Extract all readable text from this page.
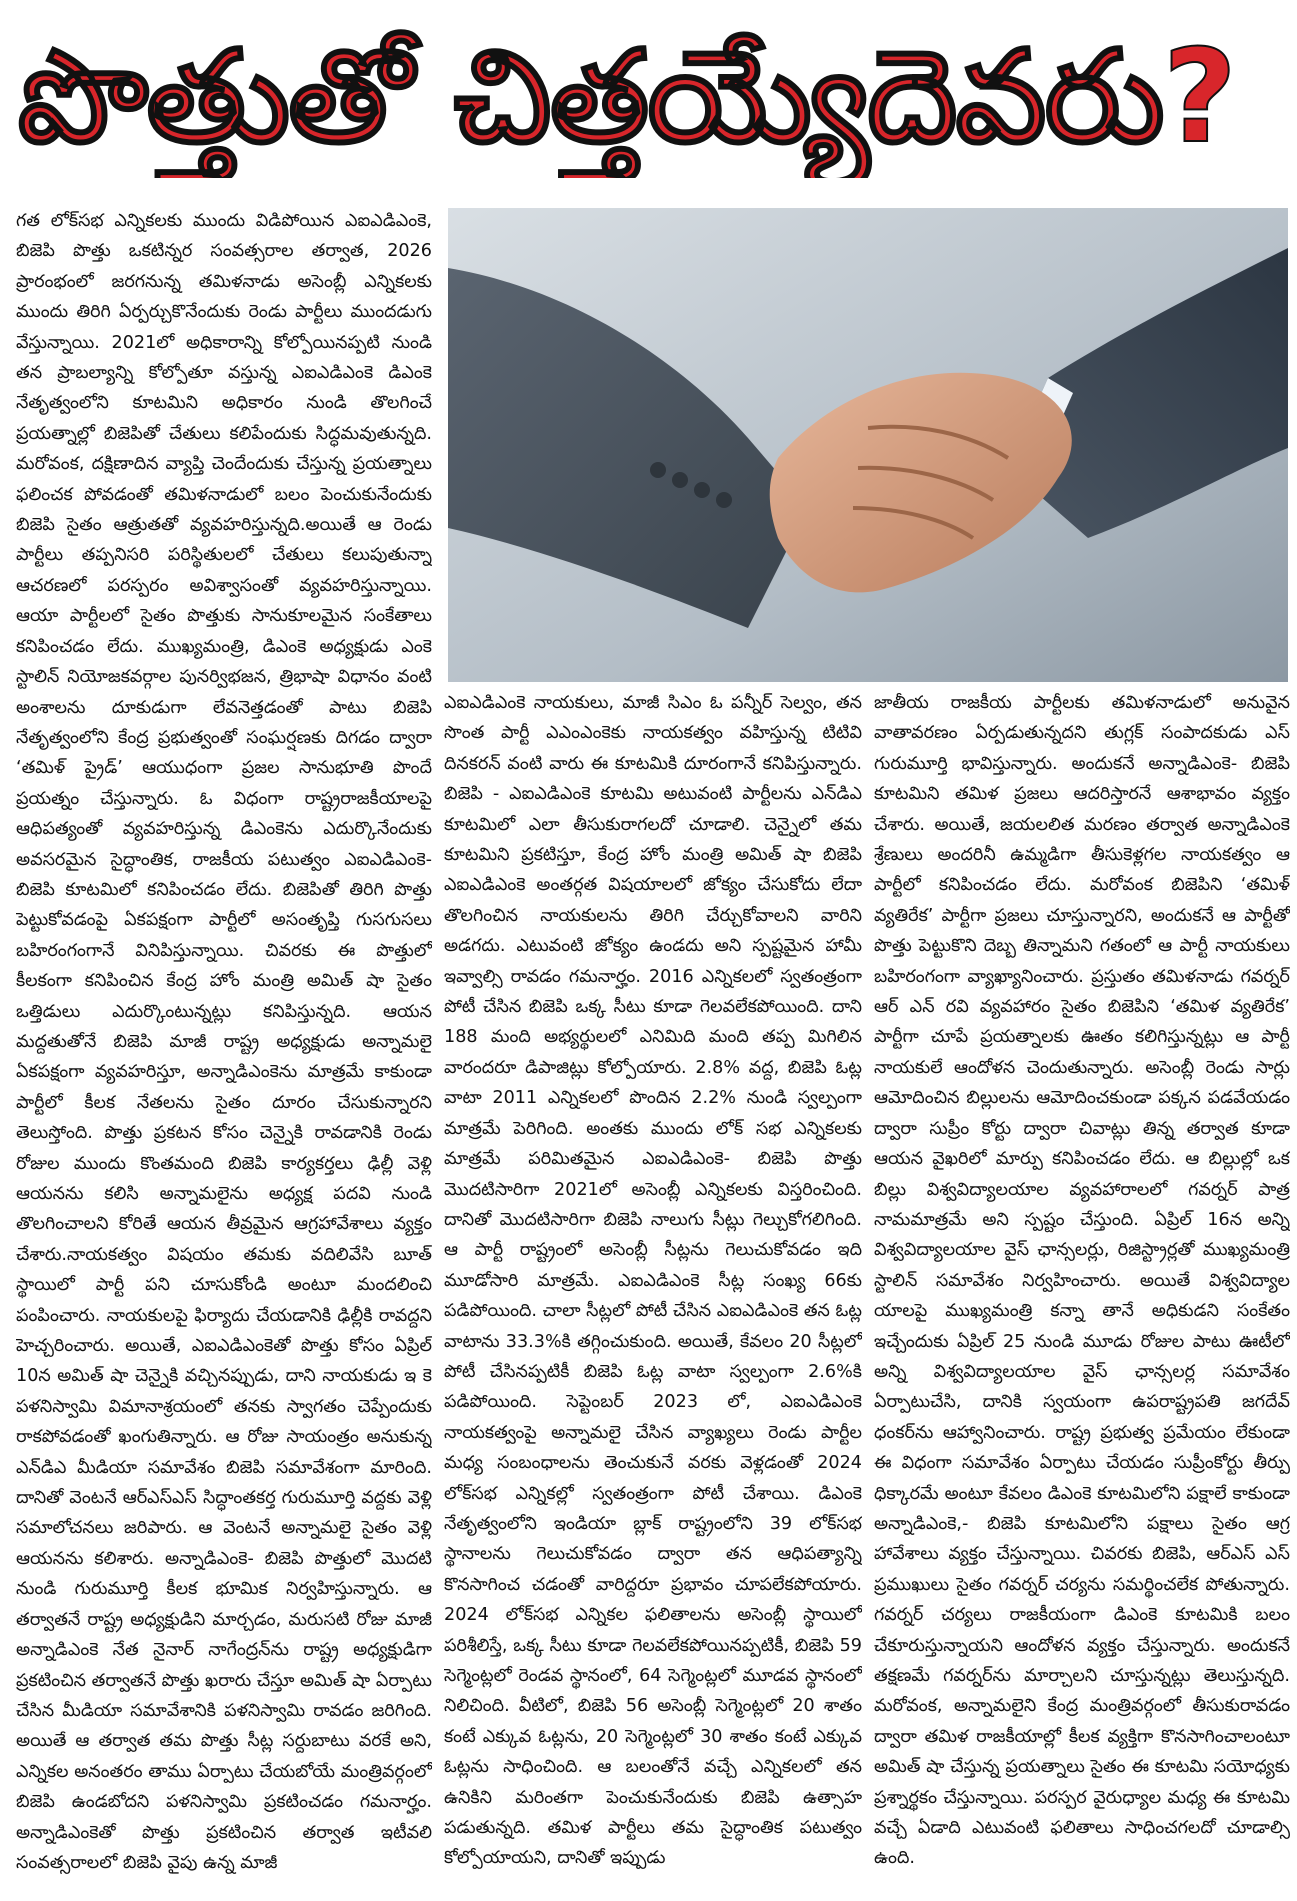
పొత్తుతో చిత్తయ్యేదెవరు?

గత లోక్‌సభ ఎన్నికలకు ముందు విడిపోయిన ఎఐఎడిఎంకె, బిజెపి పొత్తు ఒకటిన్నర సంవత్సరాల తర్వాత, 2026 ప్రారంభంలో జరగనున్న తమిళనాడు అసెంబ్లీ ఎన్నికలకు ముందు తిరిగి ఏర్పర్చుకొనేందుకు రెండు పార్టీలు ముందడుగు వేస్తున్నాయి. 2021లో అధికారాన్ని కోల్పోయినప్పటి నుండి తన ప్రాబల్యాన్ని కోల్పోతూ వస్తున్న ఎఐఎడిఎంకె డిఎంకె నేతృత్వంలోని కూటమిని అధికారం నుండి తొలగించే ప్రయత్నాల్లో బిజెపితో చేతులు కలిపేందుకు సిద్ధమవుతున్నది. మరోవంక, దక్షిణాదిన వ్యాప్తి చెందేందుకు చేస్తున్న ప్రయత్నాలు ఫలించక పోవడంతో తమిళనాడులో బలం పెంచుకునేందుకు బిజెపి సైతం ఆత్రుతతో వ్యవహరిస్తున్నది.అయితే ఆ రెండు పార్టీలు తప్పనిసరి పరిస్థితులలో చేతులు కలుపుతున్నా ఆచరణలో పరస్పరం అవిశ్వాసంతో వ్యవహరిస్తున్నాయి. ఆయా పార్టీలలో సైతం పొత్తుకు సానుకూలమైన సంకేతాలు కనిపించడం లేదు. ముఖ్యమంత్రి, డిఎంకె అధ్యక్షుడు ఎంకె స్టాలిన్ నియోజకవర్గాల పునర్విభజన, త్రిభాషా విధానం వంటి అంశాలను దూకుడుగా లేవనెత్తడంతో పాటు బిజెపి నేతృత్వంలోని కేంద్ర ప్రభుత్వంతో సంఘర్షణకు దిగడం ద్వారా ‘తమిళ్ ప్రైడ్’ ఆయుధంగా ప్రజల సానుభూతి పొందే ప్రయత్నం చేస్తున్నారు. ఓ విధంగా రాష్ట్రరాజకీయాలపై ఆధిపత్యంతో వ్యవహరిస్తున్న డిఎంకెను ఎదుర్కొనేందుకు అవసరమైన సైద్ధాంతిక, రాజకీయ పటుత్వం ఎఐఎడిఎంకె- బిజెపి కూటమిలో కనిపించడం లేదు. బిజెపితో తిరిగి పొత్తు పెట్టుకోవడంపై ఏకపక్షంగా పార్టీలో అసంతృప్తి గుసగుసలు బహిరంగంగానే వినిపిస్తున్నాయి. చివరకు ఈ పొత్తులో కీలకంగా కనిపించిన కేంద్ర హోం మంత్రి అమిత్ షా సైతం ఒత్తిడులు ఎదుర్కొంటున్నట్లు కనిపిస్తున్నది. ఆయన మద్దతుతోనే బిజెపి మాజీ రాష్ట్ర అధ్యక్షుడు అన్నామలై ఏకపక్షంగా వ్యవహరిస్తూ, అన్నాడిఎంకెను మాత్రమే కాకుండా పార్టీలో కీలక నేతలను సైతం దూరం చేసుకున్నారని తెలుస్తోంది. పొత్తు ప్రకటన కోసం చెన్నైకి రావడానికి రెండు రోజుల ముందు కొంతమంది బిజెపి కార్యకర్తలు ఢిల్లీ వెళ్లి ఆయనను కలిసి అన్నామలైను అధ్యక్ష పదవి నుండి తొలగించాలని కోరితే ఆయన తీవ్రమైన ఆగ్రహావేశాలు వ్యక్తం చేశారు.నాయకత్వం విషయం తమకు వదిలివేసి బూత్ స్థాయిలో పార్టీ పని చూసుకోండి అంటూ మందలించి పంపించారు. నాయకులపై ఫిర్యాదు చేయడానికి ఢిల్లీకి రావద్దని హెచ్చరించారు. అయితే, ఎఐఎడిఎంకెతో పొత్తు కోసం ఏప్రిల్ 10న అమిత్ షా చెన్నైకి వచ్చినప్పుడు, దాని నాయకుడు ఇ కె పళనిస్వామి విమానాశ్రయంలో తనకు స్వాగతం చెప్పేందుకు రాకపోవడంతో ఖంగుతిన్నారు. ఆ రోజు సాయంత్రం అనుకున్న ఎన్‌డిఎ మీడియా సమావేశం బిజెపి సమావేశంగా మారింది. దానితో వెంటనే ఆర్‌ఎస్‌ఎస్ సిద్ధాంతకర్త గురుమూర్తి వద్దకు వెళ్లి సమాలోచనలు జరిపారు. ఆ వెంటనే అన్నామలై సైతం వెళ్లి ఆయనను కలిశారు. అన్నాడిఎంకె- బిజెపి పొత్తులో మొదటి నుండి గురుమూర్తి కీలక భూమిక నిర్వహిస్తున్నారు. ఆ తర్వాతనే రాష్ట్ర అధ్యక్షుడిని మార్చడం, మరుసటి రోజు మాజీ అన్నాడిఎంకె నేత నైనార్ నాగేంద్రన్‌ను రాష్ట్ర అధ్యక్షుడిగా ప్రకటించిన తర్వాతనే పొత్తు ఖరారు చేస్తూ అమిత్ షా ఏర్పాటు చేసిన మీడియా సమావేశానికి పళనిస్వామి రావడం జరిగింది. అయితే ఆ తర్వాత తమ పొత్తు సీట్ల సర్దుబాటు వరకే అని, ఎన్నికల అనంతరం తాము ఏర్పాటు చేయబోయే మంత్రివర్గంలో బిజెపి ఉండబోదని పళనిస్వామి ప్రకటించడం గమనార్హం. అన్నాడిఎంకెతో పొత్తు ప్రకటించిన తర్వాత ఇటీవలి సంవత్సరాలలో బిజెపి వైపు ఉన్న మాజీ

ఎఐఎడిఎంకె నాయకులు, మాజీ సిఎం ఓ పన్నీర్ సెల్వం, తన సొంత పార్టీ ఎఎంఎంకెకు నాయకత్వం వహిస్తున్న టిటివి దినకరన్ వంటి వారు ఈ కూటమికి దూరంగానే కనిపిస్తున్నారు. బిజెపి - ఎఐఎడిఎంకె కూటమి అటువంటి పార్టీలను ఎన్‌డిఎ కూటమిలో ఎలా తీసుకురాగలదో చూడాలి. చెన్నైలో తమ కూటమిని ప్రకటిస్తూ, కేంద్ర హోం మంత్రి అమిత్ షా బిజెపి ఎఐఎడిఎంకె అంతర్గత విషయాలలో జోక్యం చేసుకోదు లేదా తొలగించిన నాయకులను తిరిగి చేర్చుకోవాలని వారిని అడగదు. ఎటువంటి జోక్యం ఉండదు అని స్పష్టమైన హామీ ఇవ్వాల్సి రావడం గమనార్హం. 2016 ఎన్నికలలో స్వతంత్రంగా పోటీ చేసిన బిజెపి ఒక్క సీటు కూడా గెలవలేకపోయింది. దాని 188 మంది అభ్యర్థులలో ఎనిమిది మంది తప్ప మిగిలిన వారందరూ డిపాజిట్లు కోల్పోయారు. 2.8% వద్ద, బిజెపి ఓట్ల వాటా 2011 ఎన్నికలలో పొందిన 2.2% నుండి స్వల్పంగా మాత్రమే పెరిగింది. అంతకు ముందు లోక్ సభ ఎన్నికలకు మాత్రమే పరిమితమైన ఎఐఎడిఎంకె- బిజెపి పొత్తు మొదటిసారిగా 2021లో అసెంబ్లీ ఎన్నికలకు విస్తరించింది. దానితో మొదటిసారిగా బిజెపి నాలుగు సీట్లు గెల్చుకోగలిగింది. ఆ పార్టీ రాష్ట్రంలో అసెంబ్లీ సీట్లను గెలుచుకోవడం ఇది మూడోసారి మాత్రమే. ఎఐఎడిఎంకె సీట్ల సంఖ్య 66కు పడిపోయింది. చాలా సీట్లలో పోటీ చేసిన ఎఐఎడిఎంకె తన ఓట్ల వాటాను 33.3%కి తగ్గించుకుంది. అయితే, కేవలం 20 సీట్లలో పోటీ చేసినప్పటికీ బిజెపి ఓట్ల వాటా స్వల్పంగా 2.6%కి పడిపోయింది. సెప్టెంబర్ 2023 లో, ఎఐఎడిఎంకె నాయకత్వంపై అన్నామలై చేసిన వ్యాఖ్యలు రెండు పార్టీల మధ్య సంబంధాలను తెంచుకునే వరకు వెళ్లడంతో 2024 లోక్‌సభ ఎన్నికల్లో స్వతంత్రంగా పోటీ చేశాయి. డిఎంకె నేతృత్వంలోని ఇండియా బ్లాక్ రాష్ట్రంలోని 39 లోక్‌సభ స్థానాలను గెలుచుకోవడం ద్వారా తన ఆధిపత్యాన్ని కొనసాగించ చడంతో వారిద్దరూ ప్రభావం చూపలేకపోయారు. 2024 లోక్‌సభ ఎన్నికల ఫలితాలను అసెంబ్లీ స్థాయిలో పరిశీలిస్తే, ఒక్క సీటు కూడా గెలవలేకపోయినప్పటికీ, బిజెపి 59 సెగ్మెంట్లలో రెండవ స్థానంలో, 64 సెగ్మెంట్లలో మూడవ స్థానంలో నిలిచింది. వీటిలో, బిజెపి 56 అసెంబ్లీ సెగ్మెంట్లలో 20 శాతం కంటే ఎక్కువ ఓట్లను, 20 సెగ్మెంట్లలో 30 శాతం కంటే ఎక్కువ ఓట్లను సాధించింది. ఆ బలంతోనే వచ్చే ఎన్నికలలో తన ఉనికిని మరింతగా పెంచుకునేందుకు బిజెపి ఉత్సాహ పడుతున్నది. తమిళ పార్టీలు తమ సైద్ధాంతిక పటుత్వం కోల్పోయాయని, దానితో ఇప్పుడు

జాతీయ రాజకీయ పార్టీలకు తమిళనాడులో అనువైన వాతావరణం ఏర్పడుతున్నదని తుగ్లక్ సంపాదకుడు ఎస్ గురుమూర్తి భావిస్తున్నారు. అందుకనే అన్నాడిఎంకె- బిజెపి కూటమిని తమిళ ప్రజలు ఆదరిస్తారనే ఆశాభావం వ్యక్తం చేశారు. అయితే, జయలలిత మరణం తర్వాత అన్నాడిఎంకె శ్రేణులు అందరినీ ఉమ్మడిగా తీసుకెళ్లగల నాయకత్వం ఆ పార్టీలో కనిపించడం లేదు. మరోవంక బిజెపిని ‘తమిళ్ వ్యతిరేక’ పార్టీగా ప్రజలు చూస్తున్నారని, అందుకనే ఆ పార్టీతో పొత్తు పెట్టుకొని దెబ్బ తిన్నామని గతంలో ఆ పార్టీ నాయకులు బహిరంగంగా వ్యాఖ్యానించారు. ప్రస్తుతం తమిళనాడు గవర్నర్ ఆర్ ఎన్ రవి వ్యవహారం సైతం బిజెపిని ‘తమిళ వ్యతిరేక’ పార్టీగా చూపే ప్రయత్నాలకు ఊతం కలిగిస్తున్నట్లు ఆ పార్టీ నాయకులే ఆందోళన చెందుతున్నారు. అసెంబ్లీ రెండు సార్లు ఆమోదించిన బిల్లులను ఆమోదించకుండా పక్కన పడవేయడం ద్వారా సుప్రీం కోర్టు ద్వారా చివాట్లు తిన్న తర్వాత కూడా ఆయన వైఖరిలో మార్పు కనిపించడం లేదు. ఆ బిల్లుల్లో ఒక బిల్లు విశ్వవిద్యాలయాల వ్యవహారాలలో గవర్నర్ పాత్ర నామమాత్రమే అని స్పష్టం చేస్తుంది. ఏప్రిల్ 16న అన్ని విశ్వవిద్యాలయాల వైస్ ఛాన్సలర్లు, రిజిస్ట్రార్లతో ముఖ్యమంత్రి స్టాలిన్ సమావేశం నిర్వహించారు. అయితే విశ్వవిద్యాల యాలపై ముఖ్యమంత్రి కన్నా తానే అధికుడని సంకేతం ఇచ్చేందుకు ఏప్రిల్ 25 నుండి మూడు రోజుల పాటు ఊటీలో అన్ని విశ్వవిద్యాలయాల వైస్ ఛాన్సలర్ల సమావేశం ఏర్పాటుచేసి, దానికి స్వయంగా ఉపరాష్ట్రపతి జగదేవ్ ధంకర్‌ను ఆహ్వానించారు. రాష్ట్ర ప్రభుత్వ ప్రమేయం లేకుండా ఈ విధంగా సమావేశం ఏర్పాటు చేయడం సుప్రీంకోర్టు తీర్పు ధిక్కారమే అంటూ కేవలం డిఎంకె కూటమిలోని పక్షాలే కాకుండా అన్నాడిఎంకె,- బిజెపి కూటమిలోని పక్షాలు సైతం ఆగ్ర హావేశాలు వ్యక్తం చేస్తున్నాయి. చివరకు బిజెపి, ఆర్‌ఎస్ ఎస్ ప్రముఖులు సైతం గవర్నర్ చర్యను సమర్థించలేక పోతున్నారు. గవర్నర్ చర్యలు రాజకీయంగా డిఎంకె కూటమికి బలం చేకూరుస్తున్నాయని ఆందోళన వ్యక్తం చేస్తున్నారు. అందుకనే తక్షణమే గవర్నర్‌ను మార్చాలని చూస్తున్నట్లు తెలుస్తున్నది. మరోవంక, అన్నామలైని కేంద్ర మంత్రివర్గంలో తీసుకురావడం ద్వారా తమిళ రాజకీయాల్లో కీలక వ్యక్తిగా కొనసాగించాలంటూ అమిత్ షా చేస్తున్న ప్రయత్నాలు సైతం ఈ కూటమి సయోధ్యకు ప్రశ్నార్థకం చేస్తున్నాయి. పరస్పర వైరుధ్యాల మధ్య ఈ కూటమి వచ్చే ఏడాది ఎటువంటి ఫలితాలు సాధించగలదో చూడాల్సి ఉంది.
